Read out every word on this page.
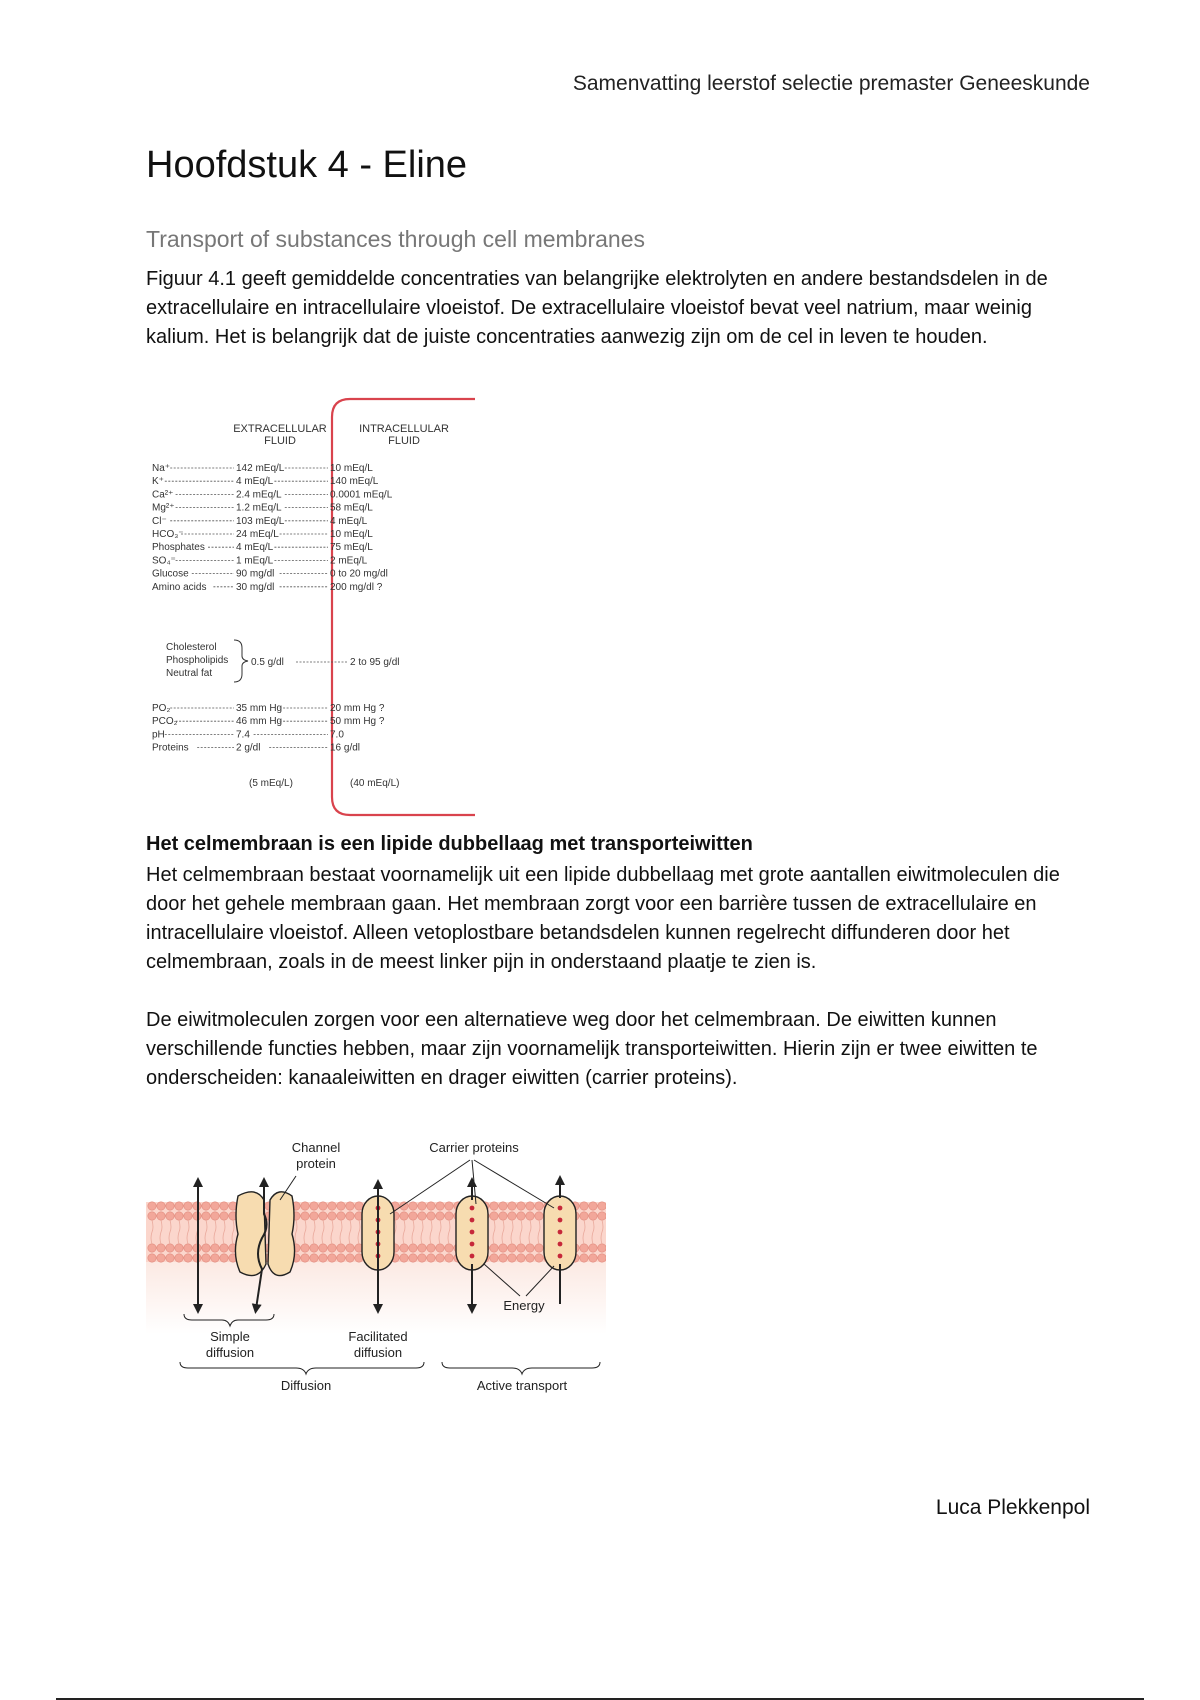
Samenvatting leerstof selectie premaster Geneeskunde
Hoofdstuk 4 - Eline
Transport of substances through cell membranes

Figuur 4.1 geeft gemiddelde concentraties van belangrijke elektrolyten en andere bestandsdelen in de extracellulaire en intracellulaire vloeistof. De extracellulaire vloeistof bevat veel natrium, maar weinig kalium. Het is belangrijk dat de juiste concentraties aanwezig zijn om de cel in leven te houden.

EXTRACELLULAR
FLUID
INTRACELLULAR
FLUID
Na⁺	142 mEq/L	10 mEq/L
K⁺	4 mEq/L	140 mEq/L
Ca²⁺	2.4 mEq/L	0.0001 mEq/L
Mg²⁺	1.2 mEq/L	58 mEq/L
Cl⁻	103 mEq/L	4 mEq/L
HCO₃⁻	24 mEq/L	10 mEq/L
Phosphates	4 mEq/L	75 mEq/L
SO₄⁼	1 mEq/L	2 mEq/L
Glucose	90 mg/dl	0 to 20 mg/dl
Amino acids	30 mg/dl	200 mg/dl ?
Cholesterol
Phospholipids
Neutral fat
0.5 g/dl	2 to 95 g/dl
PO₂	35 mm Hg	20 mm Hg ?
PCO₂	46 mm Hg	50 mm Hg ?
pH	7.4	7.0
Proteins	2 g/dl	16 g/dl
(5 mEq/L)	(40 mEq/L)
Het celmembraan is een lipide dubbellaag met transporteiwitten

Het celmembraan bestaat voornamelijk uit een lipide dubbellaag met grote aantallen eiwitmoleculen die door het gehele membraan gaan. Het membraan zorgt voor een barrière tussen de extracellulaire en intracellulaire vloeistof. Alleen vetoplostbare betandsdelen kunnen regelrecht diffunderen door het celmembraan, zoals in de meest linker pijn in onderstaand plaatje te zien is.

De eiwitmoleculen zorgen voor een alternatieve weg door het celmembraan. De eiwitten kunnen verschillende functies hebben, maar zijn voornamelijk transporteiwitten. Hierin zijn er twee eiwitten te onderscheiden: kanaaleiwitten en drager eiwitten (carrier proteins).

Channel
protein
Carrier proteins
Energy
Simple
diffusion
Facilitated
diffusion
Diffusion	Active transport
Luca Plekkenpol
